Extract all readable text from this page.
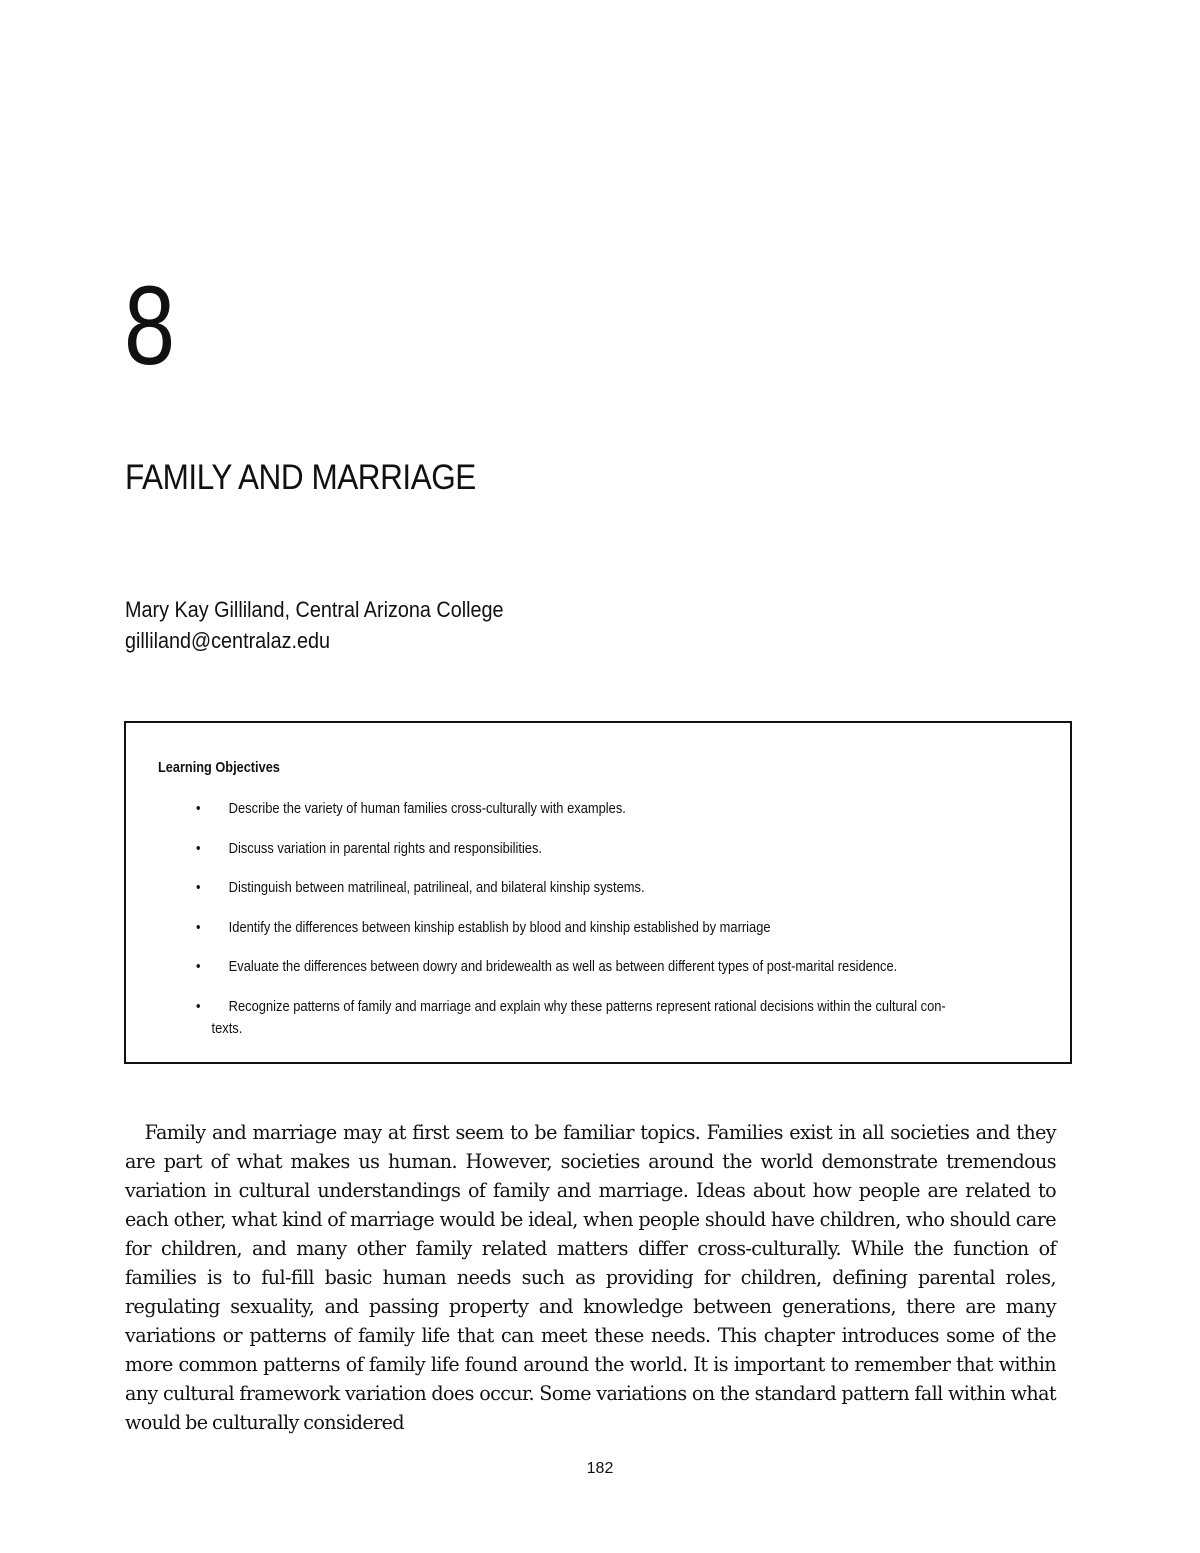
8
FAMILY AND MARRIAGE
Mary Kay Gilliland, Central Arizona College
gilliland@centralaz.edu
Learning Objectives
• Describe the variety of human families cross-culturally with examples.
• Discuss variation in parental rights and responsibilities.
• Distinguish between matrilineal, patrilineal, and bilateral kinship systems.
• Identify the differences between kinship establish by blood and kinship established by marriage
• Evaluate the differences between dowry and bridewealth as well as between different types of post-marital residence.
• Recognize patterns of family and marriage and explain why these patterns represent rational decisions within the cultural con-
texts.

Family and marriage may at first seem to be familiar topics. Families exist in all societies and they are part of what makes us human. However, societies around the world demonstrate tremendous variation in cultural understandings of family and marriage. Ideas about how people are related to each other, what kind of marriage would be ideal, when people should have children, who should care for children, and many other family related matters differ cross-culturally. While the function of families is to ful-fill basic human needs such as providing for children, defining parental roles, regulating sexuality, and passing property and knowledge between generations, there are many variations or patterns of family life that can meet these needs. This chapter introduces some of the more common patterns of family life found around the world. It is important to remember that within any cultural framework variation does occur. Some variations on the standard pattern fall within what would be culturally considered

182
